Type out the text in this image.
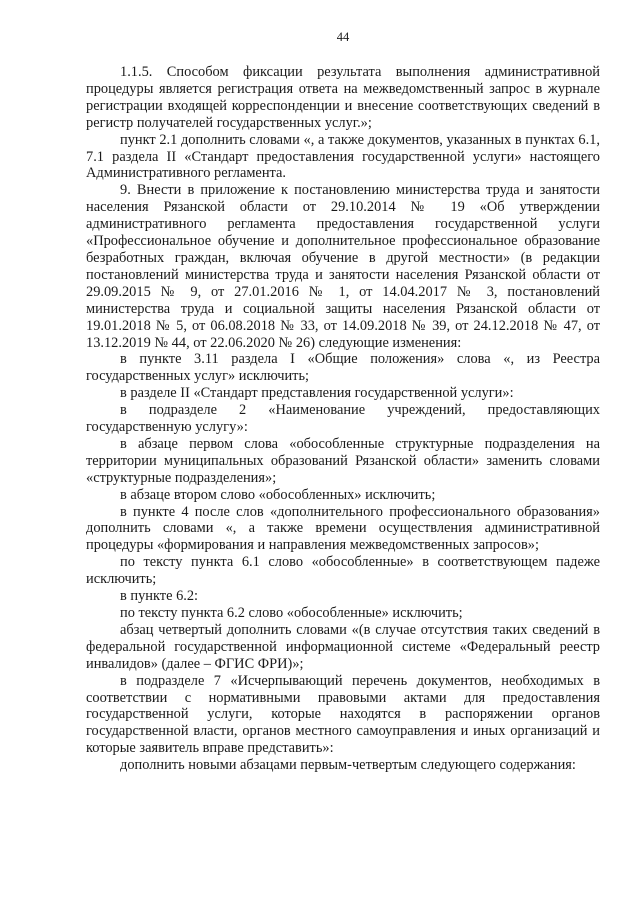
44

1.1.5. Способом фиксации результата выполнения административной процедуры является регистрация ответа на межведомственный запрос в журнале регистрации входящей корреспонденции и внесение соответствующих сведений в регистр получателей государственных услуг.»;

пункт 2.1 дополнить словами «, а также документов, указанных в пунктах 6.1, 7.1 раздела II «Стандарт предоставления государственной услуги» настоящего Административного регламента.

9. Внести в приложение к постановлению министерства труда и занятости населения Рязанской области от 29.10.2014 № 19 «Об утверждении административного регламента предоставления государственной услуги «Профессиональное обучение и дополнительное профессиональное образование безработных граждан, включая обучение в другой местности» (в редакции постановлений министерства труда и занятости населения Рязанской области от 29.09.2015 № 9, от 27.01.2016 № 1, от 14.04.2017 № 3, постановлений министерства труда и социальной защиты населения Рязанской области от 19.01.2018 № 5, от 06.08.2018 № 33, от 14.09.2018 № 39, от 24.12.2018 № 47, от 13.12.2019 № 44, от 22.06.2020 № 26) следующие изменения:

в пункте 3.11 раздела I «Общие положения» слова «, из Реестра государственных услуг» исключить;

в разделе II «Стандарт представления государственной услуги»:

в подразделе 2 «Наименование учреждений, предоставляющих государственную услугу»:

в абзаце первом слова «обособленные структурные подразделения на территории муниципальных образований Рязанской области» заменить словами «структурные подразделения»;

в абзаце втором слово «обособленных» исключить;

в пункте 4 после слов «дополнительного профессионального образования» дополнить словами «, а также времени осуществления административной процедуры «формирования и направления межведомственных запросов»;

по тексту пункта 6.1 слово «обособленные» в соответствующем падеже исключить;

в пункте 6.2:

по тексту пункта 6.2 слово «обособленные» исключить;

абзац четвертый дополнить словами «(в случае отсутствия таких сведений в федеральной государственной информационной системе «Федеральный реестр инвалидов» (далее – ФГИС ФРИ)»;

в подразделе 7 «Исчерпывающий перечень документов, необходимых в соответствии с нормативными правовыми актами для предоставления государственной услуги, которые находятся в распоряжении органов государственной власти, органов местного самоуправления и иных организаций и которые заявитель вправе представить»:

дополнить новыми абзацами первым-четвертым следующего содержания:
